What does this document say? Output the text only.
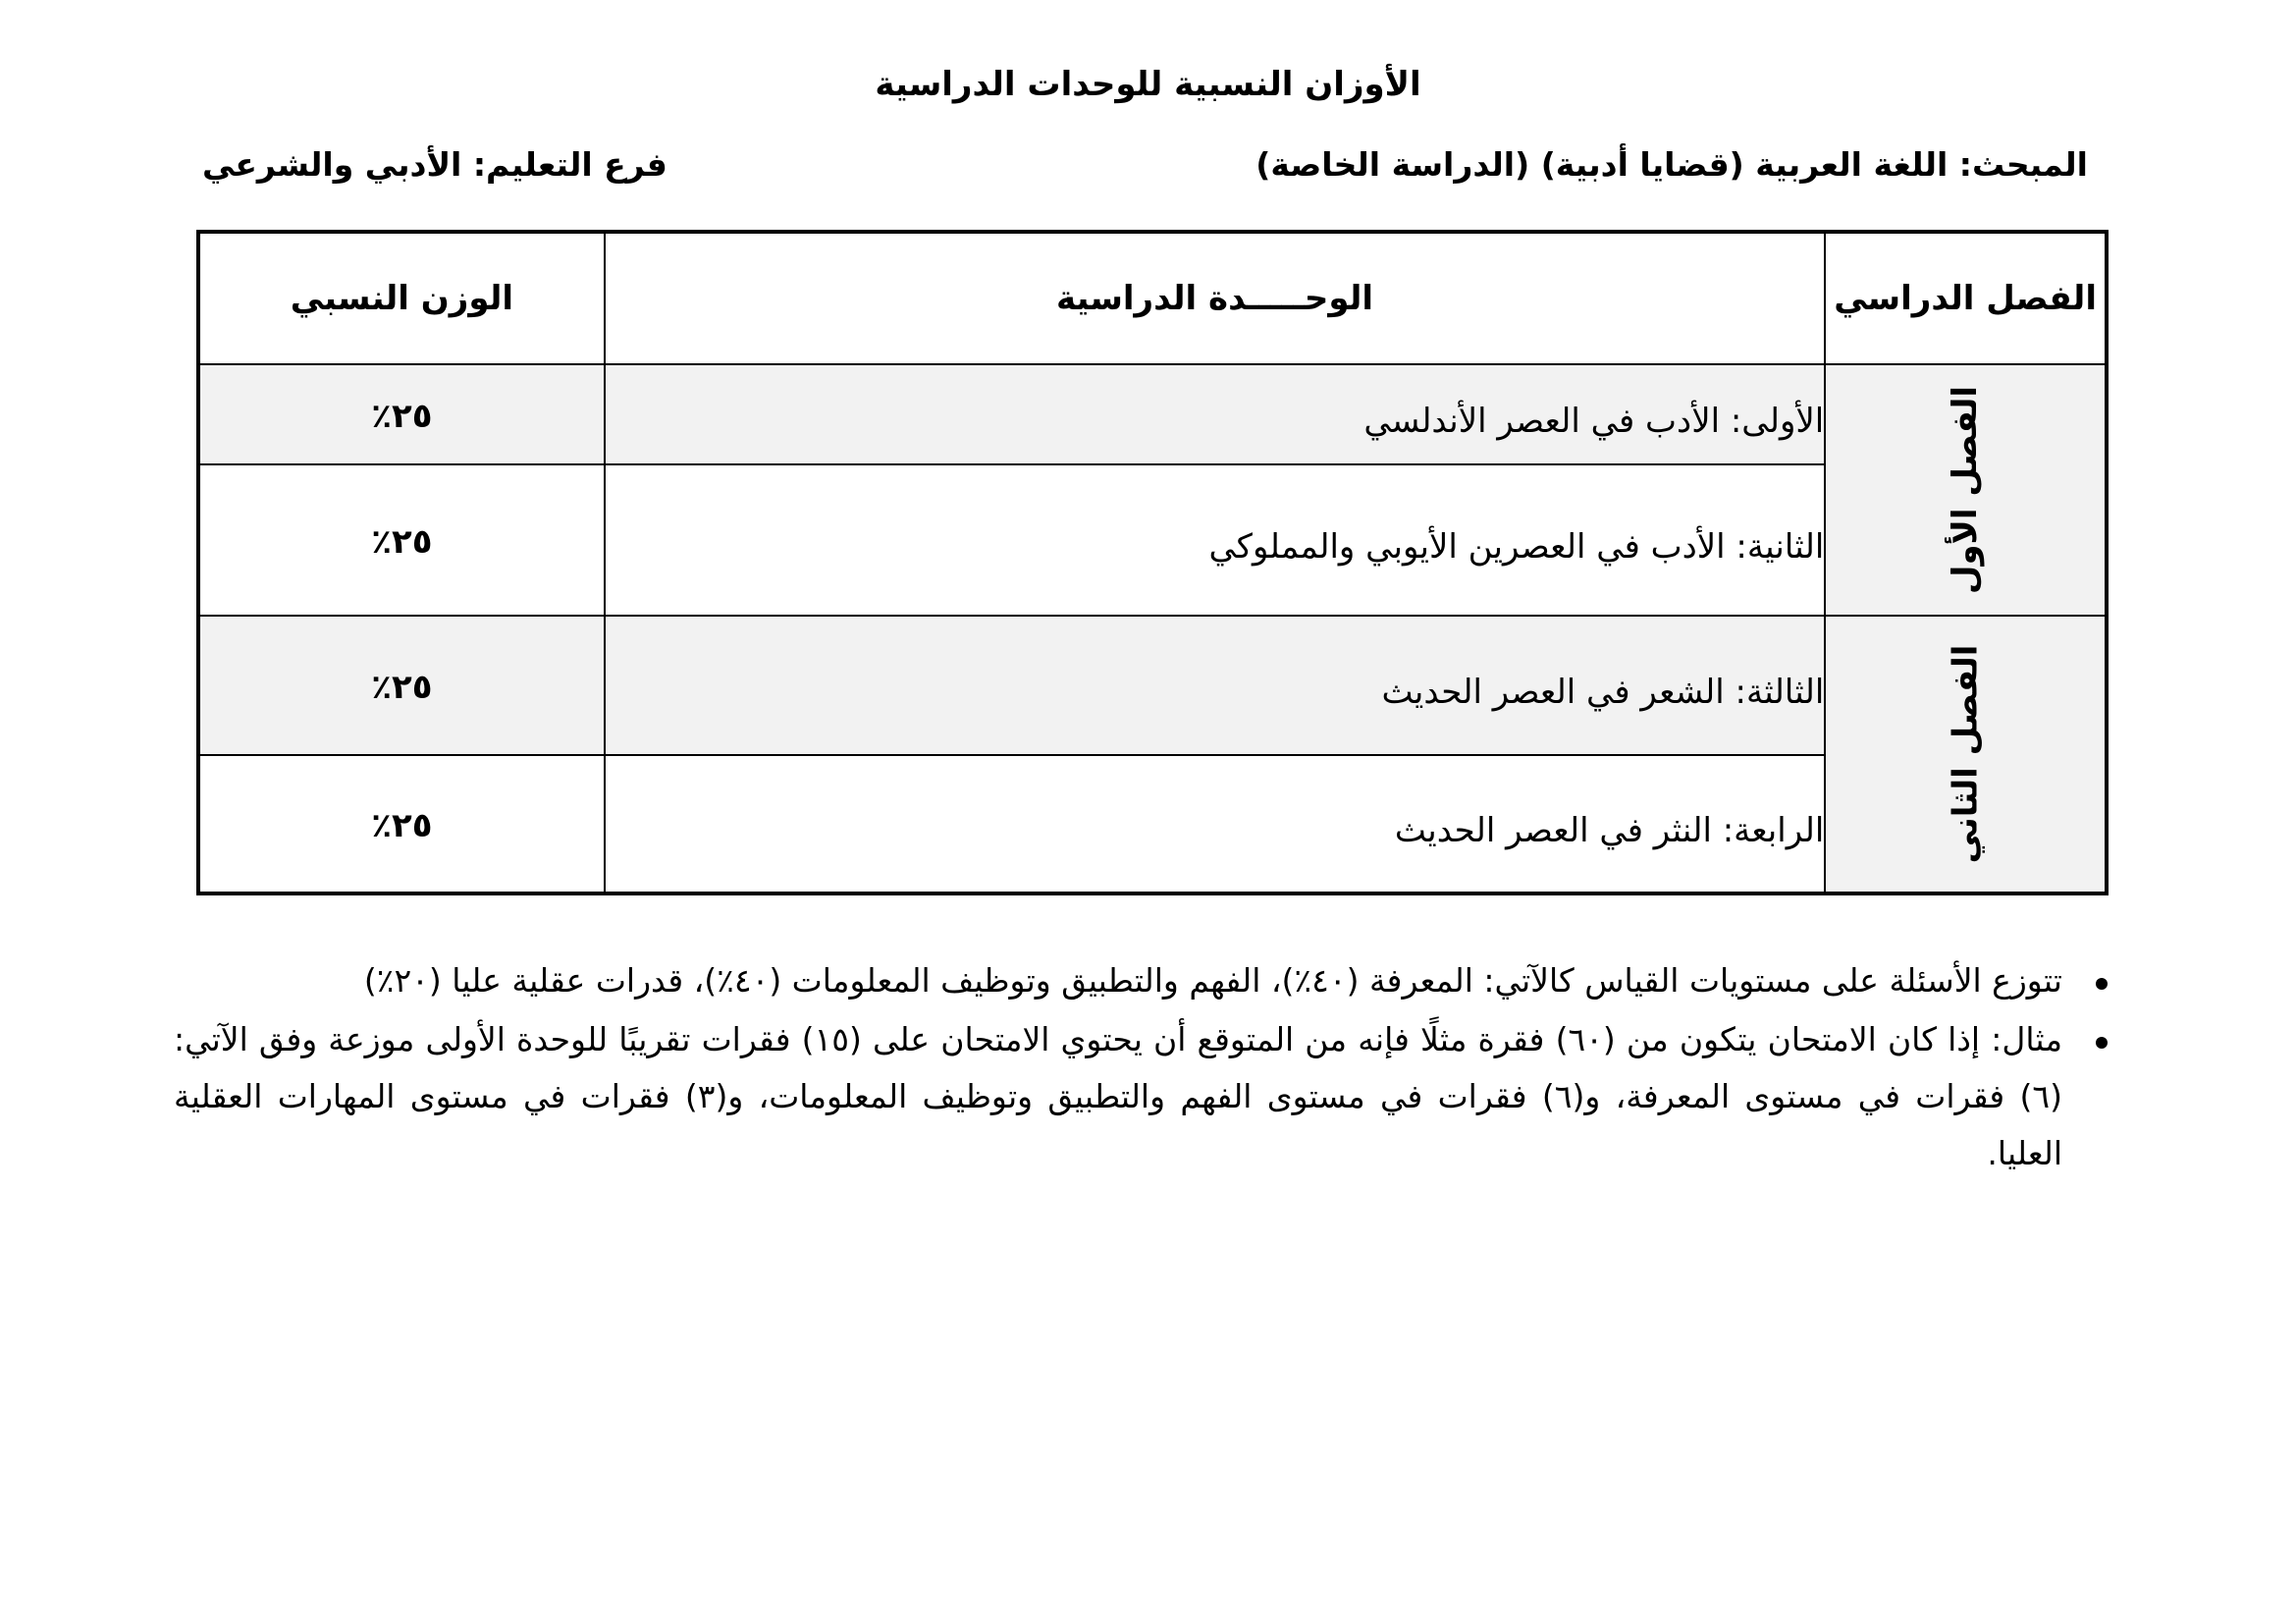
الأوزان النسبية للوحدات الدراسية
المبحث: اللغة العربية (قضايا أدبية) (الدراسة الخاصة)
فرع التعليم: الأدبي والشرعي
الفصل الدراسي	الوحـــــدة الدراسية	الوزن النسبي
الفصل الأول	الأولى: الأدب في العصر الأندلسي	٢٥٪

	الثانية: الأدب في العصرين الأيوبي والمملوكي	٢٥٪

الفصل الثاني	الثالثة: الشعر في العصر الحديث	٢٥٪

	الرابعة: النثر في العصر الحديث	٢٥٪
تتوزع الأسئلة على مستويات القياس كالآتي: المعرفة (٤٠٪)، الفهم والتطبيق وتوظيف المعلومات (٤٠٪)، قدرات عقلية عليا (٢٠٪)
مثال: إذا كان الامتحان يتكون من (٦٠) فقرة مثلًا فإنه من المتوقع أن يحتوي الامتحان على (١٥) فقرات تقريبًا للوحدة الأولى موزعة وفق الآتي: (٦) فقرات في مستوى المعرفة، و(٦) فقرات في مستوى الفهم والتطبيق وتوظيف المعلومات، و(٣) فقرات في مستوى المهارات العقلية العليا.
